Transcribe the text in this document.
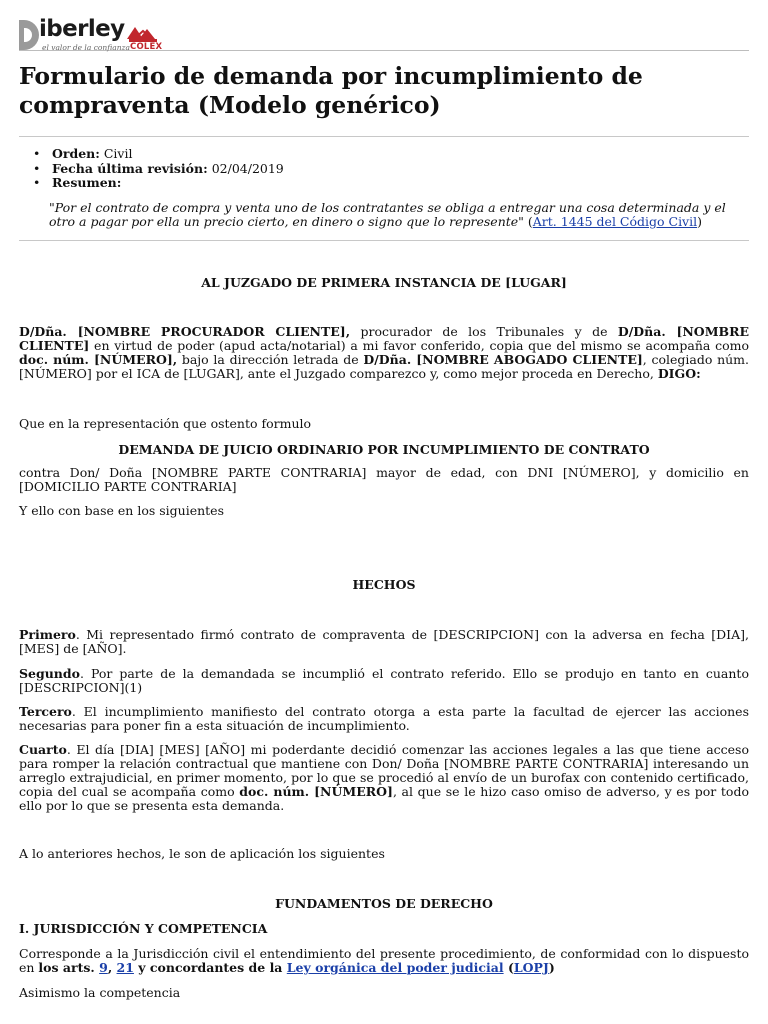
iberley
el valor de la confianza COLEX
Formulario de demanda por incumplimiento de compraventa (Modelo genérico)
• Orden: Civil
• Fecha última revisión: 02/04/2019
• Resumen:
"Por el contrato de compra y venta uno de los contratantes se obliga a entregar una cosa determinada y el otro a pagar por ella un precio cierto, en dinero o signo que lo represente" (Art. 1445 del Código Civil)

AL JUZGADO DE PRIMERA INSTANCIA DE [LUGAR]

D/Dña. [NOMBRE PROCURADOR CLIENTE], procurador de los Tribunales y de D/Dña. [NOMBRE CLIENTE] en virtud de poder (apud acta/notarial) a mi favor conferido, copia que del mismo se acompaña como doc. núm. [NÚMERO], bajo la dirección letrada de D/Dña. [NOMBRE ABOGADO CLIENTE], colegiado núm. [NÚMERO] por el ICA de [LUGAR], ante el Juzgado comparezco y, como mejor proceda en Derecho, DIGO:

Que en la representación que ostento formulo

DEMANDA DE JUICIO ORDINARIO POR INCUMPLIMIENTO DE CONTRATO

contra Don/ Doña [NOMBRE PARTE CONTRARIA] mayor de edad, con DNI [NÚMERO], y domicilio en [DOMICILIO PARTE CONTRARIA]

Y ello con base en los siguientes

HECHOS

Primero. Mi representado firmó contrato de compraventa de [DESCRIPCION] con la adversa en fecha [DIA], [MES] de [AÑO].

Segundo. Por parte de la demandada se incumplió el contrato referido. Ello se produjo en tanto en cuanto [DESCRIPCION](1)

Tercero. El incumplimiento manifiesto del contrato otorga a esta parte la facultad de ejercer las acciones necesarias para poner fin a esta situación de incumplimiento.

Cuarto. El día [DIA] [MES] [AÑO] mi poderdante decidió comenzar las acciones legales a las que tiene acceso para romper la relación contractual que mantiene con Don/ Doña [NOMBRE PARTE CONTRARIA] interesando un arreglo extrajudicial, en primer momento, por lo que se procedió al envío de un burofax con contenido certificado, copia del cual se acompaña como doc. núm. [NÚMERO], al que se le hizo caso omiso de adverso, y es por todo ello por lo que se presenta esta demanda.

A lo anteriores hechos, le son de aplicación los siguientes

FUNDAMENTOS DE DERECHO

I. JURISDICCIÓN Y COMPETENCIA

Corresponde a la Jurisdicción civil el entendimiento del presente procedimiento, de conformidad con lo dispuesto en los arts. 9, 21 y concordantes de la Ley orgánica del poder judicial (LOPJ)

Asimismo la competencia
